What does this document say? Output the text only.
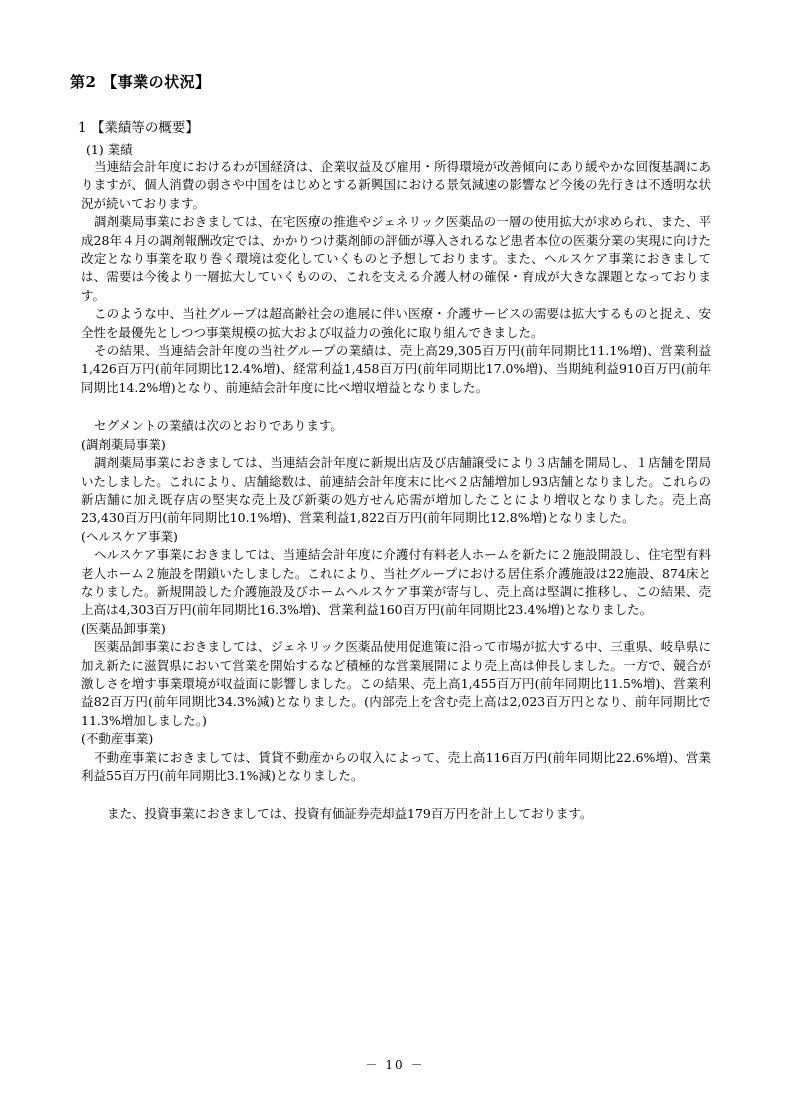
第2 【事業の状況】
1 【業績等の概要】
(1) 業績

当連結会計年度におけるわが国経済は、企業収益及び雇用・所得環境が改善傾向にあり緩やかな回復基調にありますが、個人消費の弱さや中国をはじめとする新興国における景気減速の影響など今後の先行きは不透明な状況が続いております。

調剤薬局事業におきましては、在宅医療の推進やジェネリック医薬品の一層の使用拡大が求められ、また、平成28年４月の調剤報酬改定では、かかりつけ薬剤師の評価が導入されるなど患者本位の医薬分業の実現に向けた改定となり事業を取り巻く環境は変化していくものと予想しております。また、ヘルスケア事業におきましては、需要は今後より一層拡大していくものの、これを支える介護人材の確保・育成が大きな課題となっております。

このような中、当社グループは超高齢社会の進展に伴い医療・介護サービスの需要は拡大するものと捉え、安全性を最優先としつつ事業規模の拡大および収益力の強化に取り組んできました。

その結果、当連結会計年度の当社グループの業績は、売上高29,305百万円(前年同期比11.1%増)、営業利益1,426百万円(前年同期比12.4%増)、経常利益1,458百万円(前年同期比17.0%増)、当期純利益910百万円(前年同期比14.2%増)となり、前連結会計年度に比べ増収増益となりました。

セグメントの業績は次のとおりであります。

(調剤薬局事業)

調剤薬局事業におきましては、当連結会計年度に新規出店及び店舗譲受により３店舗を開局し、１店舗を閉局いたしました。これにより、店舗総数は、前連結会計年度末に比べ２店舗増加し93店舗となりました。これらの新店舗に加え既存店の堅実な売上及び新薬の処方せん応需が増加したことにより増収となりました。売上高23,430百万円(前年同期比10.1%増)、営業利益1,822百万円(前年同期比12.8%増)となりました。

(ヘルスケア事業)

ヘルスケア事業におきましては、当連結会計年度に介護付有料老人ホームを新たに２施設開設し、住宅型有料老人ホーム２施設を閉鎖いたしました。これにより、当社グループにおける居住系介護施設は22施設、874床となりました。新規開設した介護施設及びホームヘルスケア事業が寄与し、売上高は堅調に推移し、この結果、売上高は4,303百万円(前年同期比16.3%増)、営業利益160百万円(前年同期比23.4%増)となりました。

(医薬品卸事業)

医薬品卸事業におきましては、ジェネリック医薬品使用促進策に沿って市場が拡大する中、三重県、岐阜県に加え新たに滋賀県において営業を開始するなど積極的な営業展開により売上高は伸長しました。一方で、競合が激しさを増す事業環境が収益面に影響しました。この結果、売上高1,455百万円(前年同期比11.5%増)、営業利益82百万円(前年同期比34.3%減)となりました。(内部売上を含む売上高は2,023百万円となり、前年同期比で11.3%増加しました。)

(不動産事業)

不動産事業におきましては、賃貸不動産からの収入によって、売上高116百万円(前年同期比22.6%増)、営業利益55百万円(前年同期比3.1%減)となりました。

また、投資事業におきましては、投資有価証券売却益179百万円を計上しております。

－ 10 －
